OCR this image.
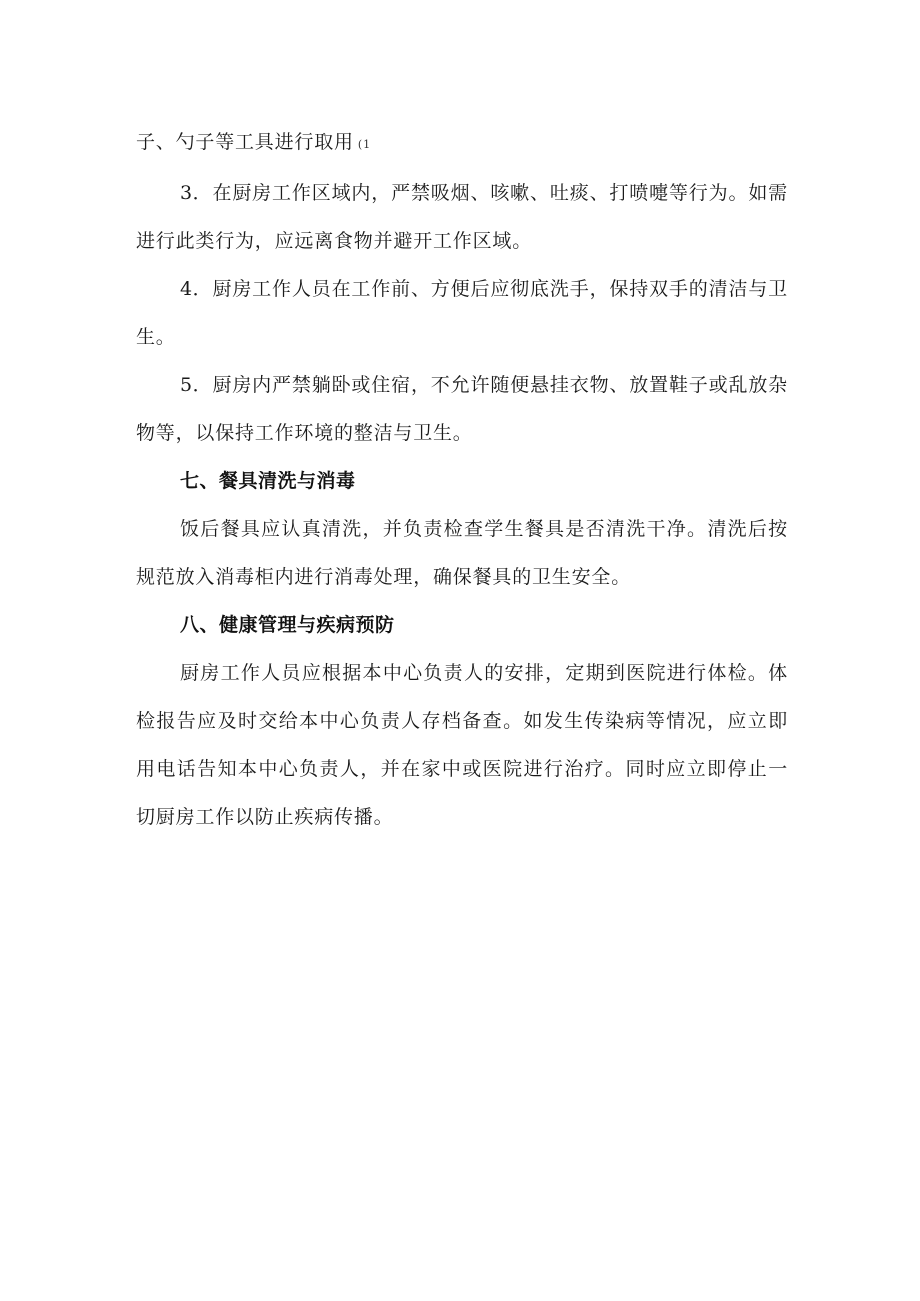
子、勺子等工具进行取用 (1

3．在厨房工作区域内，严禁吸烟、咳嗽、吐痰、打喷嚏等行为。如需进行此类行为，应远离食物并避开工作区域。

4．厨房工作人员在工作前、方便后应彻底洗手，保持双手的清洁与卫生。

5．厨房内严禁躺卧或住宿，不允许随便悬挂衣物、放置鞋子或乱放杂物等，以保持工作环境的整洁与卫生。

七、餐具清洗与消毒

饭后餐具应认真清洗，并负责检查学生餐具是否清洗干净。清洗后按规范放入消毒柜内进行消毒处理，确保餐具的卫生安全。

八、健康管理与疾病预防

厨房工作人员应根据本中心负责人的安排，定期到医院进行体检。体检报告应及时交给本中心负责人存档备查。如发生传染病等情况，应立即用电话告知本中心负责人，并在家中或医院进行治疗。同时应立即停止一切厨房工作以防止疾病传播。
